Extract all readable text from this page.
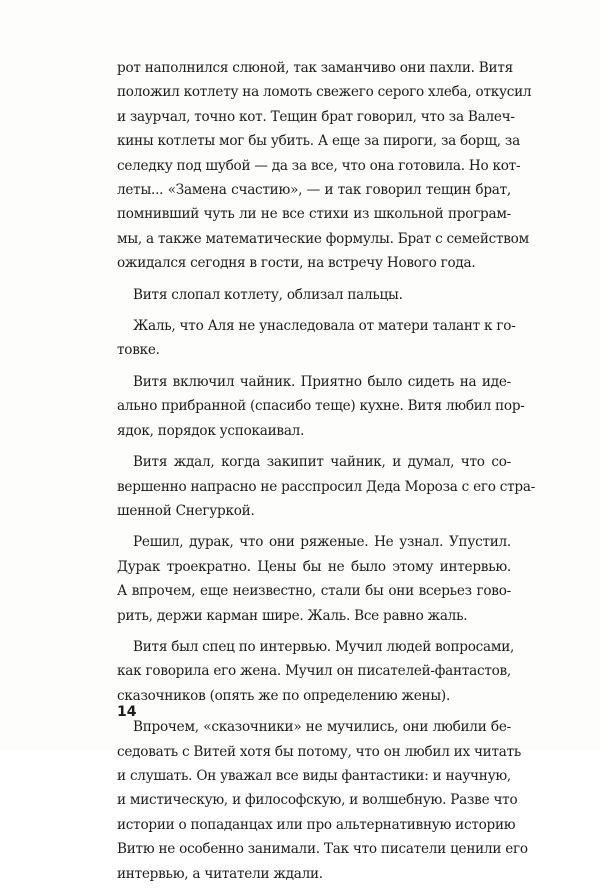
рот наполнился слюной, так заманчиво они пахли. Витя
положил котлету на ломоть свежего серого хлеба, откусил
и заурчал, точно кот. Тещин брат говорил, что за Валеч-
кины котлеты мог бы убить. А еще за пироги, за борщ, за
селедку под шубой — да за все, что она готовила. Но кот-
леты... «Замена счастию», — и так говорил тещин брат,
помнивший чуть ли не все стихи из школьной програм-
мы, а также математические формулы. Брат с семейством
ожидался сегодня в гости, на встречу Нового года.
Витя слопал котлету, облизал пальцы.
Жаль, что Аля не унаследовала от матери талант к го-
товке.
Витя включил чайник. Приятно было сидеть на иде-
ально прибранной (спасибо теще) кухне. Витя любил пор-
ядок, порядок успокаивал.
Витя ждал, когда закипит чайник, и думал, что со-
вершенно напрасно не расспросил Деда Мороза с его стра-
шенной Снегуркой.
Решил, дурак, что они ряженые. Не узнал. Упустил.
Дурак троекратно. Цены бы не было этому интервью.
А впрочем, еще неизвестно, стали бы они всерьез гово-
рить, держи карман шире. Жаль. Все равно жаль.
Витя был спец по интервью. Мучил людей вопросами,
как говорила его жена. Мучил он писателей-фантастов,
сказочников (опять же по определению жены).
Впрочем, «сказочники» не мучились, они любили бе-
седовать с Витей хотя бы потому, что он любил их читать
и слушать. Он уважал все виды фантастики: и научную,
и мистическую, и философскую, и волшебную. Разве что
истории о попаданцах или про альтернативную историю
Витю не особенно занимали. Так что писатели ценили его
интервью, а читатели ждали.
14
